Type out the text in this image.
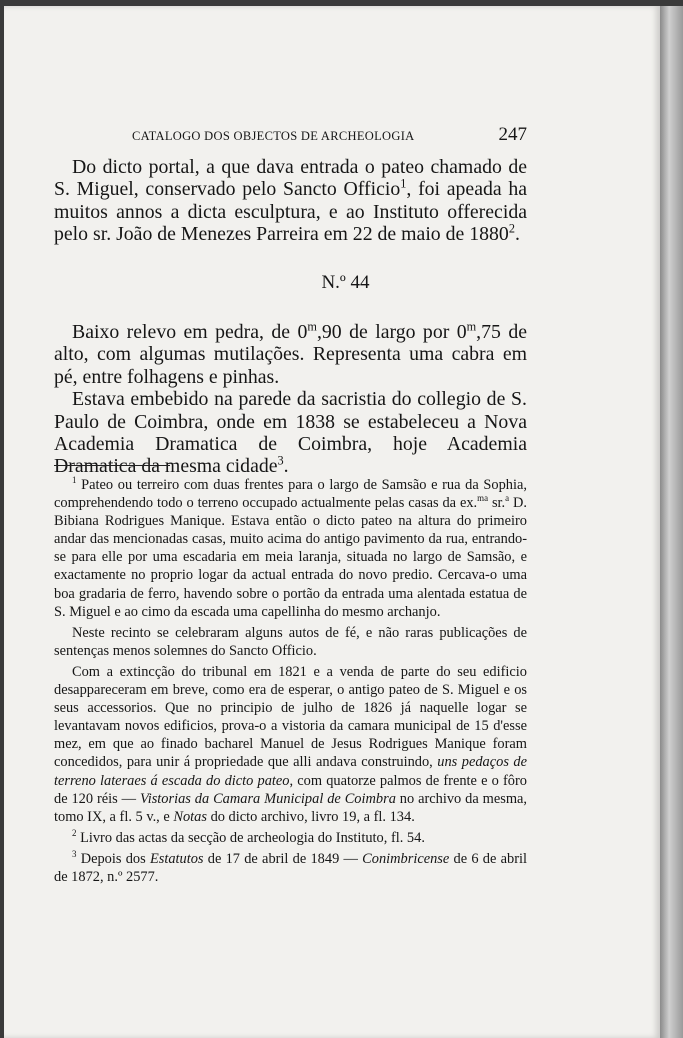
CATALOGO DOS OBJECTOS DE ARCHEOLOGIA	247

Do dicto portal, a que dava entrada o pateo chamado de S. Miguel, conservado pelo Sancto Officio$^1$, foi apeada ha muitos annos a dicta esculptura, e ao Instituto offerecida pelo sr. João de Menezes Parreira em 22 de maio de 1880$^2$.

N.º 44

Baixo relevo em pedra, de 0$^m$,90 de largo por 0$^m$,75 de alto, com algumas mutilações. Representa uma cabra em pé, entre folhagens e pinhas.

Estava embebido na parede da sacristia do collegio de S. Paulo de Coimbra, onde em 1838 se estabeleceu a Nova Academia Dramatica de Coimbra, hoje Academia Dramatica da mesma cidade$^3$.

$^1$ Pateo ou terreiro com duas frentes para o largo de Samsão e rua da Sophia, comprehendendo todo o terreno occupado actualmente pelas casas da ex.$^{ma}$ sr.$^a$ D. Bibiana Rodrigues Manique. Estava então o dicto pateo na altura do primeiro andar das mencionadas casas, muito acima do antigo pavimento da rua, entrando-se para elle por uma escadaria em meia laranja, situada no largo de Samsão, e exactamente no proprio logar da actual entrada do novo predio. Cercava-o uma boa gradaria de ferro, havendo sobre o portão da entrada uma alentada estatua de S. Miguel e ao cimo da escada uma capellinha do mesmo archanjo.

Neste recinto se celebraram alguns autos de fé, e não raras publicações de sentenças menos solemnes do Sancto Officio.

Com a extincção do tribunal em 1821 e a venda de parte do seu edificio desappareceram em breve, como era de esperar, o antigo pateo de S. Miguel e os seus accessorios. Que no principio de julho de 1826 já naquelle logar se levantavam novos edificios, prova-o a vistoria da camara municipal de 15 d'esse mez, em que ao finado bacharel Manuel de Jesus Rodrigues Manique foram concedidos, para unir á propriedade que alli andava construindo, uns pedaços de terreno lateraes á escada do dicto pateo, com quatorze palmos de frente e o fôro de 120 réis — Vistorias da Camara Municipal de Coimbra no archivo da mesma, tomo IX, a fl. 5 v., e Notas do dicto archivo, livro 19, a fl. 134.

$^2$ Livro das actas da secção de archeologia do Instituto, fl. 54.

$^3$ Depois dos Estatutos de 17 de abril de 1849 — Conimbricense de 6 de abril de 1872, n.º 2577.
